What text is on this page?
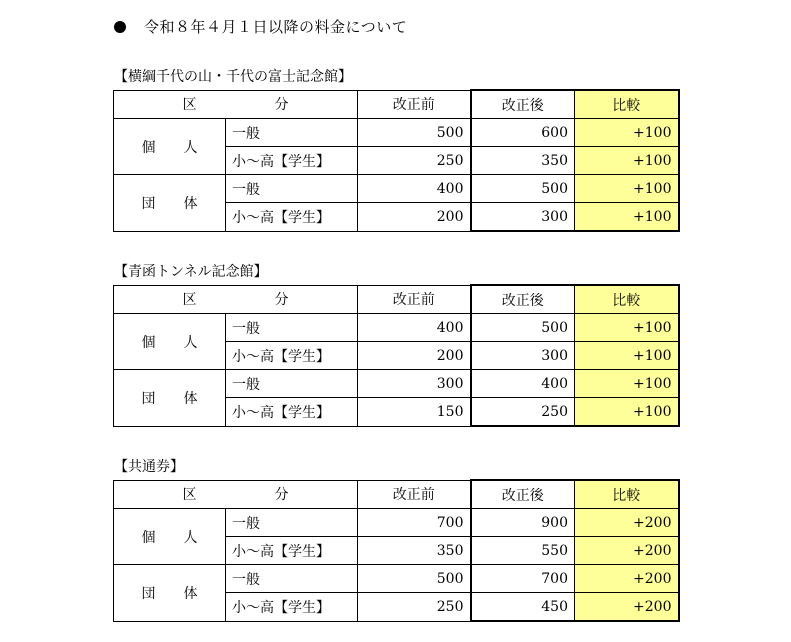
令和８年４月１日以降の料金について
【横綱千代の山・千代の富士記念館】
区 分		改正前	改正後	比較
個　　人	一般	500	600	+100
	小～高【学生】	250	350	+100
団　　体	一般	400	500	+100
	小～高【学生】	200	300	+100
【青函トンネル記念館】
区 分		改正前	改正後	比較
個　　人	一般	400	500	+100
	小～高【学生】	200	300	+100
団　　体	一般	300	400	+100
	小～高【学生】	150	250	+100
【共通券】
区 分		改正前	改正後	比較
個　　人	一般	700	900	+200
	小～高【学生】	350	550	+200
団　　体	一般	500	700	+200
	小～高【学生】	250	450	+200
